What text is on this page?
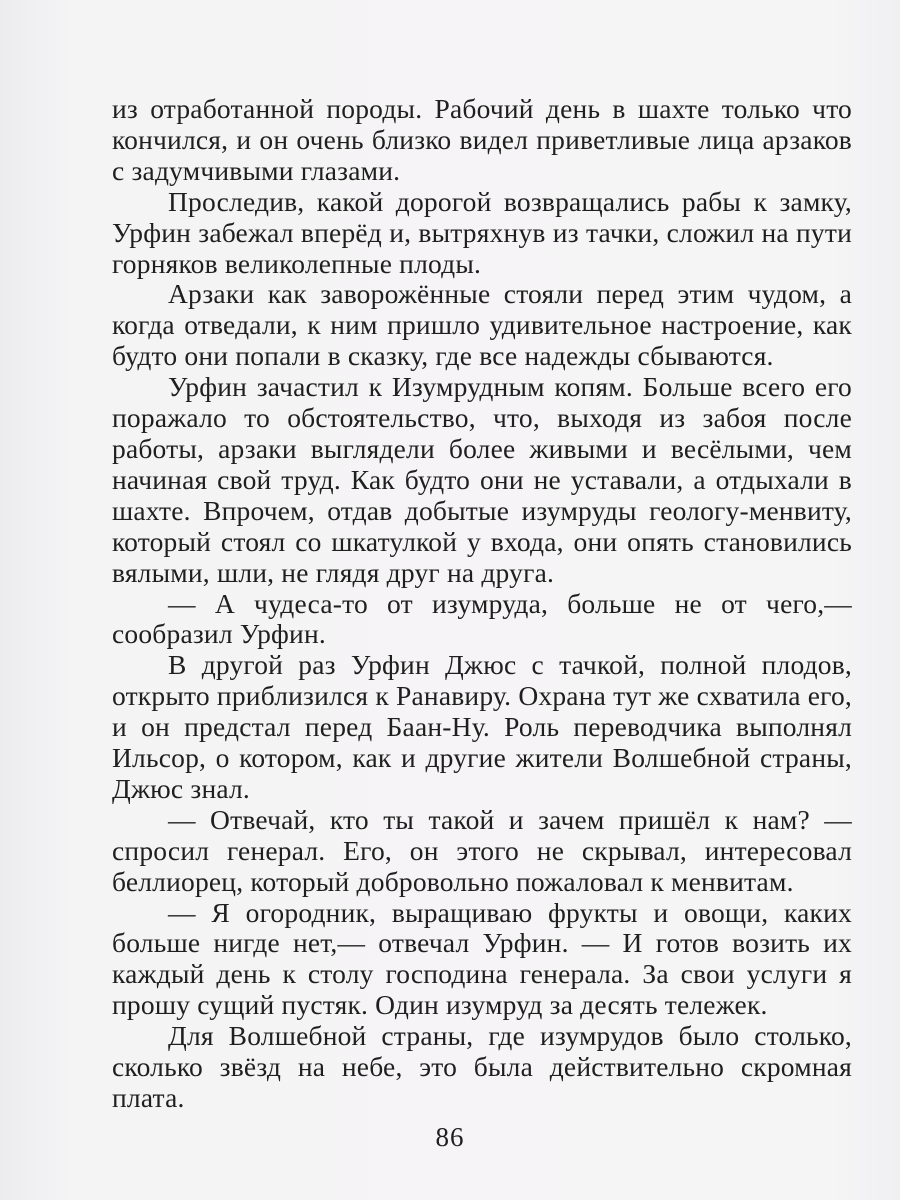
из отработанной породы. Рабочий день в шахте только что кончился, и он очень близко видел приветливые лица арзаков с задумчивыми глазами.

Проследив, какой дорогой возвращались рабы к замку, Урфин забежал вперёд и, вытряхнув из тачки, сложил на пути горняков великолепные плоды.

Арзаки как заворожённые стояли перед этим чудом, а когда отведали, к ним пришло удивительное настроение, как будто они попали в сказку, где все надежды сбываются.

Урфин зачастил к Изумрудным копям. Больше всего его поражало то обстоятельство, что, выходя из забоя после работы, арзаки выглядели более живыми и весёлыми, чем начиная свой труд. Как будто они не уставали, а отдыхали в шахте. Впрочем, отдав добытые изумруды геологу-менвиту, который стоял со шкатулкой у входа, они опять становились вялыми, шли, не глядя друг на друга.

— А чудеса-то от изумруда, больше не от чего,— сообразил Урфин.

В другой раз Урфин Джюс с тачкой, полной плодов, открыто приблизился к Ранавиру. Охрана тут же схватила его, и он предстал перед Баан-Ну. Роль переводчика выполнял Ильсор, о котором, как и другие жители Волшебной страны, Джюс знал.

— Отвечай, кто ты такой и зачем пришёл к нам? — спросил генерал. Его, он этого не скрывал, интересовал беллиорец, который добровольно пожаловал к менвитам.

— Я огородник, выращиваю фрукты и овощи, каких больше нигде нет,— отвечал Урфин. — И готов возить их каждый день к столу господина генерала. За свои услуги я прошу сущий пустяк. Один изумруд за десять тележек.

Для Волшебной страны, где изумрудов было столько, сколько звёзд на небе, это была действительно скромная плата.

86
